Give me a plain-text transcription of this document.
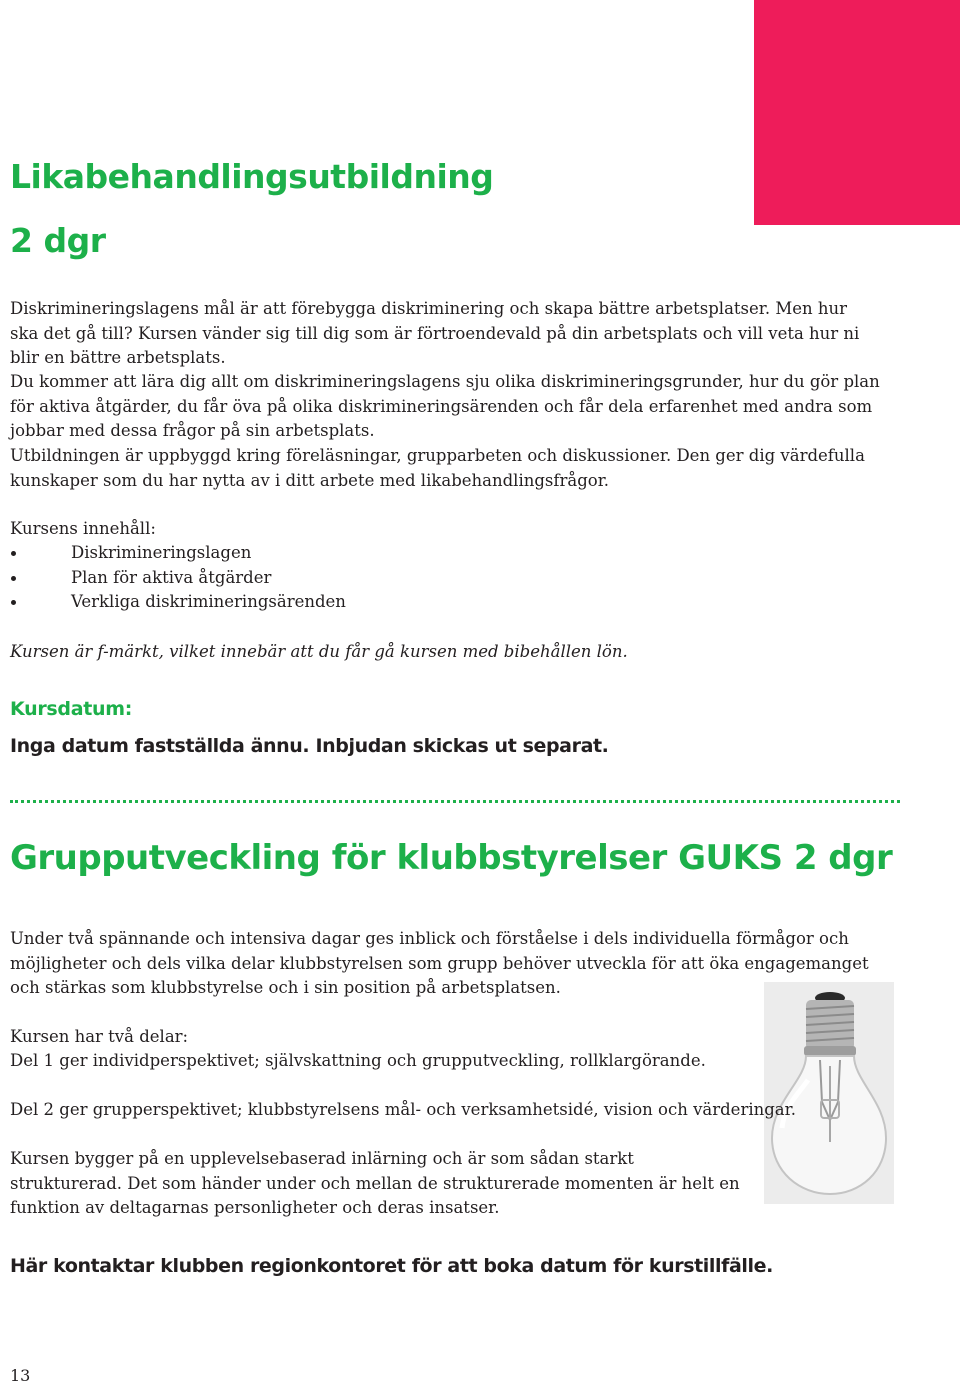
Likabehandlingsutbildning
2 dgr

Diskrimineringslagens mål är att förebygga diskriminering och skapa bättre arbetsplatser. Men hur ska det gå till? Kursen vänder sig till dig som är förtroendevald på din arbetsplats och vill veta hur ni blir en bättre arbetsplats.

Du kommer att lära dig allt om diskrimineringslagens sju olika diskrimineringsgrunder, hur du gör plan för aktiva åtgärder, du får öva på olika diskrimineringsärenden och får dela erfarenhet med andra som jobbar med dessa frågor på sin arbetsplats.

Utbildningen är uppbyggd kring föreläsningar, grupparbeten och diskussioner. Den ger dig värdefulla kunskaper som du har nytta av i ditt arbete med likabehandlingsfrågor.

Kursens innehåll:

Diskrimineringslagen
Plan för aktiva åtgärder
Verkliga diskrimineringsärenden

Kursen är f-märkt, vilket innebär att du får gå kursen med bibehållen lön.

Kursdatum:

Inga datum fastställda ännu. Inbjudan skickas ut separat.

Grupputveckling för klubbstyrelser GUKS 2 dgr

Under två spännande och intensiva dagar ges inblick och förståelse i dels individuella förmågor och möjligheter och dels vilka delar klubbstyrelsen som grupp behöver utveckla för att öka engagemanget och stärkas som klubbstyrelse och i sin position på arbetsplatsen.

Kursen har två delar:

Del 1 ger individperspektivet; självskattning och grupputveckling, rollklargörande.

Del 2 ger grupperspektivet; klubbstyrelsens mål- och verksamhetsidé, vision och värderingar.

Kursen bygger på en upplevelsebaserad inlärning och är som sådan starkt strukturerad. Det som händer under och mellan de strukturerade momenten är helt en funktion av deltagarnas personligheter och deras insatser.

Här kontaktar klubben regionkontoret för att boka datum för kurstillfälle.

13
